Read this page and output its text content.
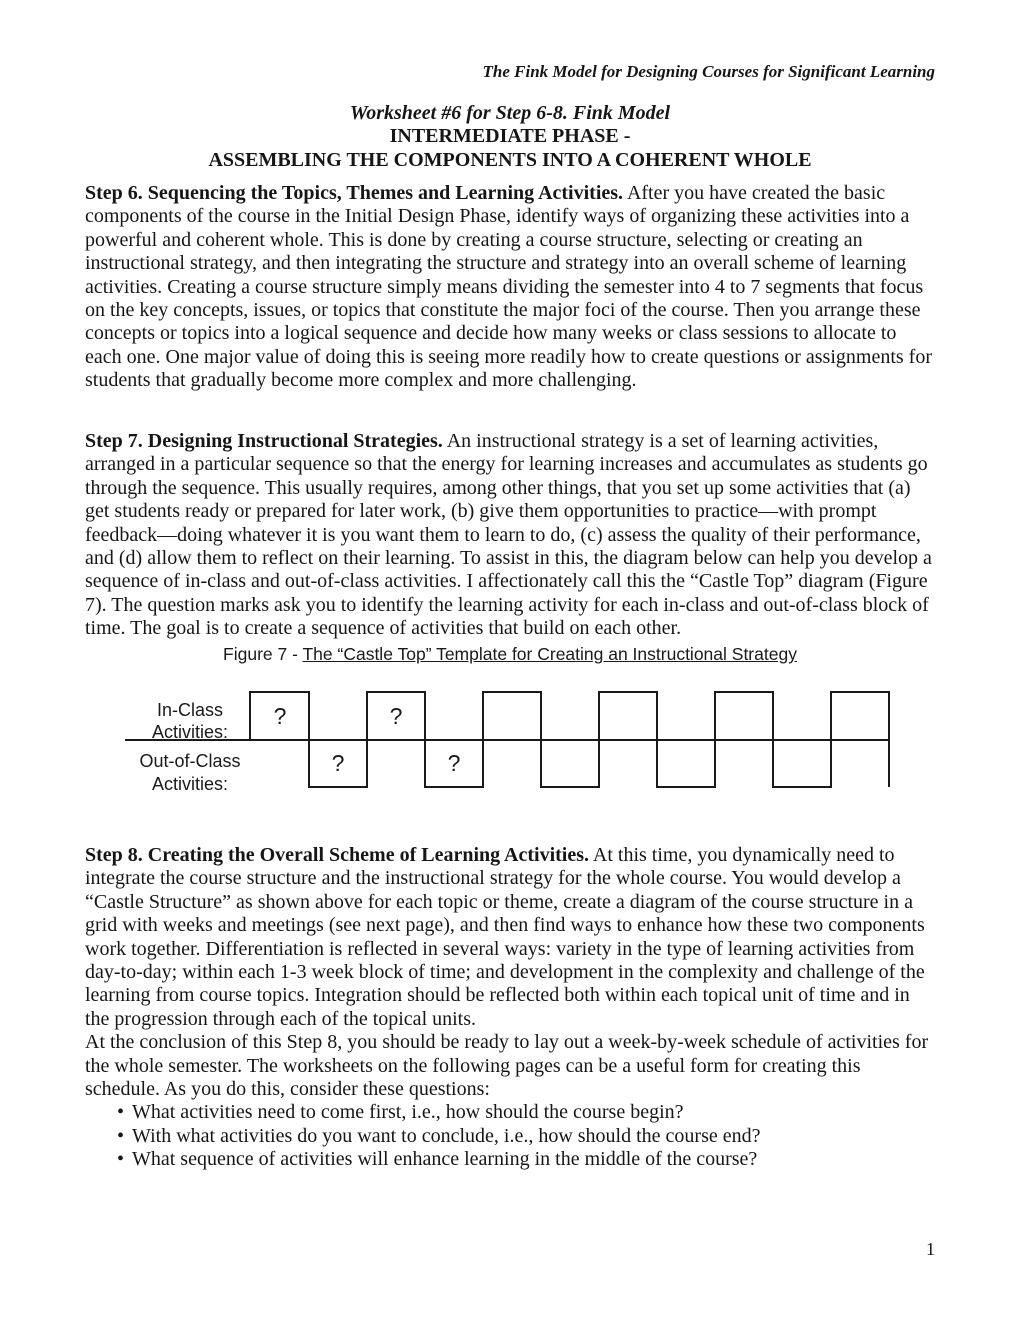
The Fink Model for Designing Courses for Significant Learning
Worksheet #6 for Step 6-8. Fink Model
INTERMEDIATE PHASE -
ASSEMBLING THE COMPONENTS INTO A COHERENT WHOLE

Step 6. Sequencing the Topics, Themes and Learning Activities. After you have created the basic components of the course in the Initial Design Phase, identify ways of organizing these activities into a powerful and coherent whole. This is done by creating a course structure, selecting or creating an instructional strategy, and then integrating the structure and strategy into an overall scheme of learning activities. Creating a course structure simply means dividing the semester into 4 to 7 segments that focus on the key concepts, issues, or topics that constitute the major foci of the course. Then you arrange these concepts or topics into a logical sequence and decide how many weeks or class sessions to allocate to each one. One major value of doing this is seeing more readily how to create questions or assignments for students that gradually become more complex and more challenging.

Step 7. Designing Instructional Strategies. An instructional strategy is a set of learning activities, arranged in a particular sequence so that the energy for learning increases and accumulates as students go through the sequence. This usually requires, among other things, that you set up some activities that (a) get students ready or prepared for later work, (b) give them opportunities to practice—with prompt feedback—doing whatever it is you want them to learn to do, (c) assess the quality of their performance, and (d) allow them to reflect on their learning. To assist in this, the diagram below can help you develop a sequence of in-class and out-of-class activities. I affectionately call this the “Castle Top” diagram (Figure 7). The question marks ask you to identify the learning activity for each in-class and out-of-class block of time. The goal is to create a sequence of activities that build on each other.

Figure 7 - The “Castle Top” Template for Creating an Instructional Strategy
In-Class
Activities:
Out-of-Class
Activities:
?	?
?	?

Step 8. Creating the Overall Scheme of Learning Activities. At this time, you dynamically need to integrate the course structure and the instructional strategy for the whole course. You would develop a “Castle Structure” as shown above for each topic or theme, create a diagram of the course structure in a grid with weeks and meetings (see next page), and then find ways to enhance how these two components work together. Differentiation is reflected in several ways: variety in the type of learning activities from day-to-day; within each 1-3 week block of time; and development in the complexity and challenge of the learning from course topics. Integration should be reflected both within each topical unit of time and in the progression through each of the topical units.

At the conclusion of this Step 8, you should be ready to lay out a week-by-week schedule of activities for the whole semester. The worksheets on the following pages can be a useful form for creating this schedule. As you do this, consider these questions:

• What activities need to come first, i.e., how should the course begin?
• With what activities do you want to conclude, i.e., how should the course end?
• What sequence of activities will enhance learning in the middle of the course?
1
